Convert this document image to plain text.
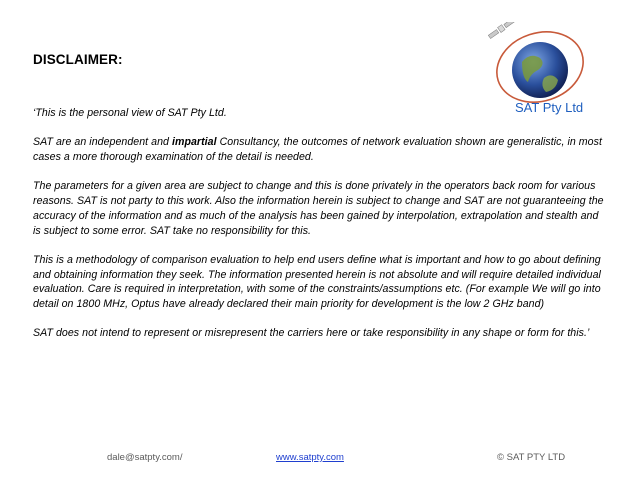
DISCLAIMER:
SAT Pty Ltd

‘This is the personal view of SAT Pty Ltd.

SAT are an independent and impartial Consultancy, the outcomes of network evaluation shown are generalistic, in most cases a more thorough examination of the detail is needed.

The parameters for a given area are subject to change and this is done privately in the operators back room for various reasons. SAT is not party to this work. Also the information herein is subject to change and SAT are not guaranteeing the accuracy of the information and as much of the analysis has been gained by interpolation, extrapolation and stealth and is subject to some error. SAT take no responsibility for this.

This is a methodology of comparison evaluation to help end users define what is important and how to go about defining and obtaining information they seek. The information presented herein is not absolute and will require detailed individual evaluation. Care is required in interpretation, with some of the constraints/assumptions etc. (For example We will go into detail on 1800 MHz, Optus have already declared their main priority for development is the low 2 GHz band)

SAT does not intend to represent or misrepresent the carriers here or take responsibility in any shape or form for this.’

dale@satpty.com/	www.satpty.com	© SAT PTY LTD
